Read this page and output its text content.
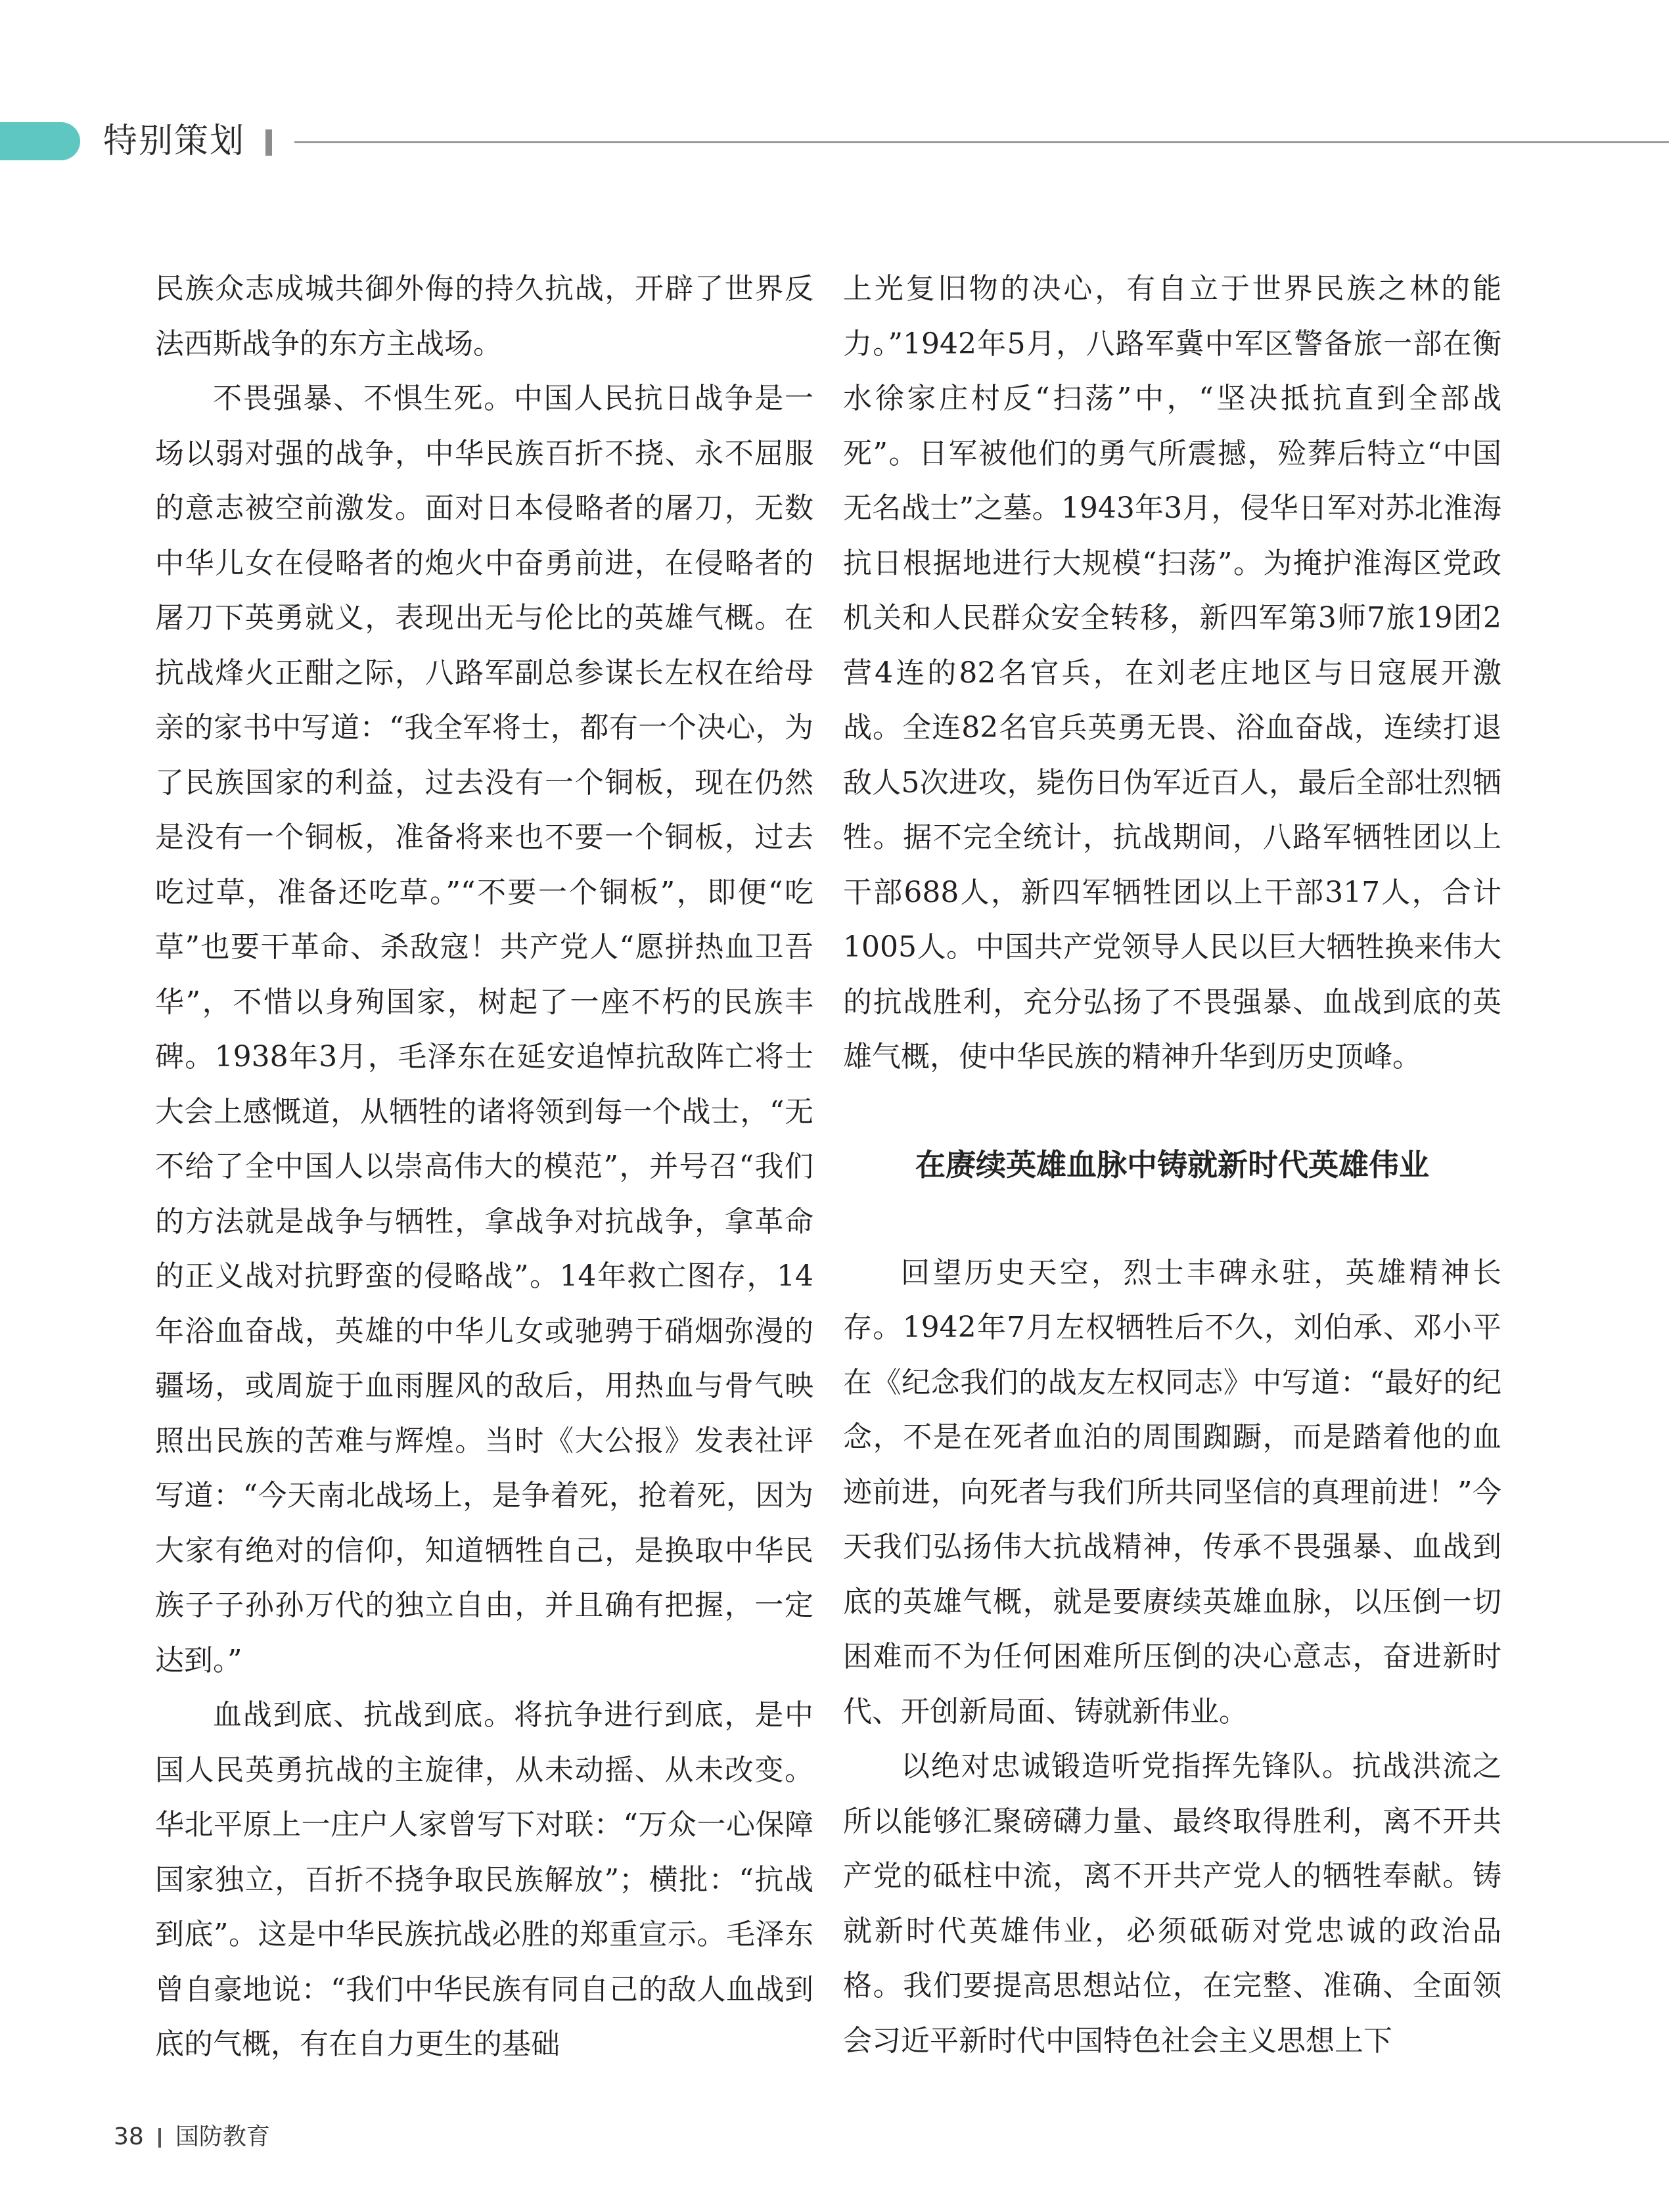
特别策划

民族众志成城共御外侮的持久抗战，开辟了世界反法西斯战争的东方主战场。

不畏强暴、不惧生死。中国人民抗日战争是一场以弱对强的战争，中华民族百折不挠、永不屈服的意志被空前激发。面对日本侵略者的屠刀，无数中华儿女在侵略者的炮火中奋勇前进，在侵略者的屠刀下英勇就义，表现出无与伦比的英雄气概。在抗战烽火正酣之际，八路军副总参谋长左权在给母亲的家书中写道：“我全军将士，都有一个决心，为了民族国家的利益，过去没有一个铜板，现在仍然是没有一个铜板，准备将来也不要一个铜板，过去吃过草，准备还吃草。”“不要一个铜板”，即便“吃草”也要干革命、杀敌寇！共产党人“愿拼热血卫吾华”，不惜以身殉国家，树起了一座不朽的民族丰碑。1938年3月，毛泽东在延安追悼抗敌阵亡将士大会上感慨道，从牺牲的诸将领到每一个战士，“无不给了全中国人以崇高伟大的模范”，并号召“我们的方法就是战争与牺牲，拿战争对抗战争，拿革命的正义战对抗野蛮的侵略战”。14年救亡图存，14年浴血奋战，英雄的中华儿女或驰骋于硝烟弥漫的疆场，或周旋于血雨腥风的敌后，用热血与骨气映照出民族的苦难与辉煌。当时《大公报》发表社评写道：“今天南北战场上，是争着死，抢着死，因为大家有绝对的信仰，知道牺牲自己，是换取中华民族子子孙孙万代的独立自由，并且确有把握，一定达到。”

血战到底、抗战到底。将抗争进行到底，是中国人民英勇抗战的主旋律，从未动摇、从未改变。华北平原上一庄户人家曾写下对联：“万众一心保障国家独立，百折不挠争取民族解放”；横批：“抗战到底”。这是中华民族抗战必胜的郑重宣示。毛泽东曾自豪地说：“我们中华民族有同自己的敌人血战到底的气概，有在自力更生的基础

上光复旧物的决心，有自立于世界民族之林的能力。”1942年5月，八路军冀中军区警备旅一部在衡水徐家庄村反“扫荡”中，“坚决抵抗直到全部战死”。日军被他们的勇气所震撼，殓葬后特立“中国无名战士”之墓。1943年3月，侵华日军对苏北淮海抗日根据地进行大规模“扫荡”。为掩护淮海区党政机关和人民群众安全转移，新四军第3师7旅19团2营4连的82名官兵，在刘老庄地区与日寇展开激战。全连82名官兵英勇无畏、浴血奋战，连续打退敌人5次进攻，毙伤日伪军近百人，最后全部壮烈牺牲。据不完全统计，抗战期间，八路军牺牲团以上干部688人，新四军牺牲团以上干部317人，合计1005人。中国共产党领导人民以巨大牺牲换来伟大的抗战胜利，充分弘扬了不畏强暴、血战到底的英雄气概，使中华民族的精神升华到历史顶峰。

在赓续英雄血脉中铸就新时代英雄伟业

回望历史天空，烈士丰碑永驻，英雄精神长存。1942年7月左权牺牲后不久，刘伯承、邓小平在《纪念我们的战友左权同志》中写道：“最好的纪念，不是在死者血泊的周围踟蹰，而是踏着他的血迹前进，向死者与我们所共同坚信的真理前进！”今天我们弘扬伟大抗战精神，传承不畏强暴、血战到底的英雄气概，就是要赓续英雄血脉，以压倒一切困难而不为任何困难所压倒的决心意志，奋进新时代、开创新局面、铸就新伟业。

以绝对忠诚锻造听党指挥先锋队。抗战洪流之所以能够汇聚磅礴力量、最终取得胜利，离不开共产党的砥柱中流，离不开共产党人的牺牲奉献。铸就新时代英雄伟业，必须砥砺对党忠诚的政治品格。我们要提高思想站位，在完整、准确、全面领会习近平新时代中国特色社会主义思想上下

38 国防教育
